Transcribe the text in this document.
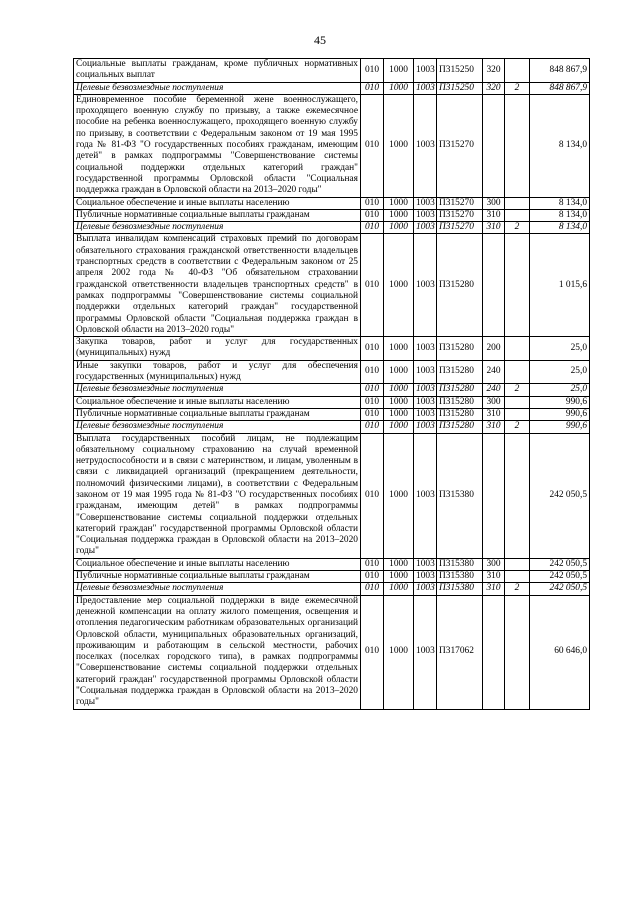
45
Социальные выплаты гражданам, кроме публичных нормативных социальных выплат	010	1000	1003	П315250	320		848 867,9
Целевые безвозмездные поступления	010	1000	1003	П315250	320	2	848 867,9
Единовременное пособие беременной жене военнослужащего, проходящего военную службу по призыву, а также ежемесячное пособие на ребенка военнослужащего, проходящего военную службу по призыву, в соответствии с Федеральным законом от 19 мая 1995 года № 81-ФЗ "О государственных пособиях гражданам, имеющим детей" в рамках подпрограммы "Совершенствование системы социальной поддержки отдельных категорий граждан" государственной программы Орловской области "Социальная поддержка граждан в Орловской области на 2013–2020 годы"	010	1000	1003	П315270			8 134,0
Социальное обеспечение и иные выплаты населению	010	1000	1003	П315270	300		8 134,0
Публичные нормативные социальные выплаты гражданам	010	1000	1003	П315270	310		8 134,0
Целевые безвозмездные поступления	010	1000	1003	П315270	310	2	8 134,0
Выплата инвалидам компенсаций страховых премий по договорам обязательного страхования гражданской ответственности владельцев транспортных средств в соответствии с Федеральным законом от 25 апреля 2002 года № 40-ФЗ "Об обязательном страховании гражданской ответственности владельцев транспортных средств" в рамках подпрограммы "Совершенствование системы социальной поддержки отдельных категорий граждан" государственной программы Орловской области "Социальная поддержка граждан в Орловской области на 2013–2020 годы"	010	1000	1003	П315280			1 015,6
Закупка товаров, работ и услуг для государственных (муниципальных) нужд	010	1000	1003	П315280	200		25,0
Иные закупки товаров, работ и услуг для обеспечения государственных (муниципальных) нужд	010	1000	1003	П315280	240		25,0
Целевые безвозмездные поступления	010	1000	1003	П315280	240	2	25,0
Социальное обеспечение и иные выплаты населению	010	1000	1003	П315280	300		990,6
Публичные нормативные социальные выплаты гражданам	010	1000	1003	П315280	310		990,6
Целевые безвозмездные поступления	010	1000	1003	П315280	310	2	990,6
Выплата государственных пособий лицам, не подлежащим обязательному социальному страхованию на случай временной нетрудоспособности и в связи с материнством, и лицам, уволенным в связи с ликвидацией организаций (прекращением деятельности, полномочий физическими лицами), в соответствии с Федеральным законом от 19 мая 1995 года № 81-ФЗ "О государственных пособиях гражданам, имеющим детей" в рамках подпрограммы "Совершенствование системы социальной поддержки отдельных категорий граждан" государственной программы Орловской области "Социальная поддержка граждан в Орловской области на 2013–2020 годы"	010	1000	1003	П315380			242 050,5
Социальное обеспечение и иные выплаты населению	010	1000	1003	П315380	300		242 050,5
Публичные нормативные социальные выплаты гражданам	010	1000	1003	П315380	310		242 050,5
Целевые безвозмездные поступления	010	1000	1003	П315380	310	2	242 050,5
Предоставление мер социальной поддержки в виде ежемесячной денежной компенсации на оплату жилого помещения, освещения и отопления педагогическим работникам образовательных организаций Орловской области, муниципальных образовательных организаций, проживающим и работающим в сельской местности, рабочих поселках (поселках городского типа), в рамках подпрограммы "Совершенствование системы социальной поддержки отдельных категорий граждан" государственной программы Орловской области "Социальная поддержка граждан в Орловской области на 2013–2020 годы"	010	1000	1003	П317062			60 646,0
